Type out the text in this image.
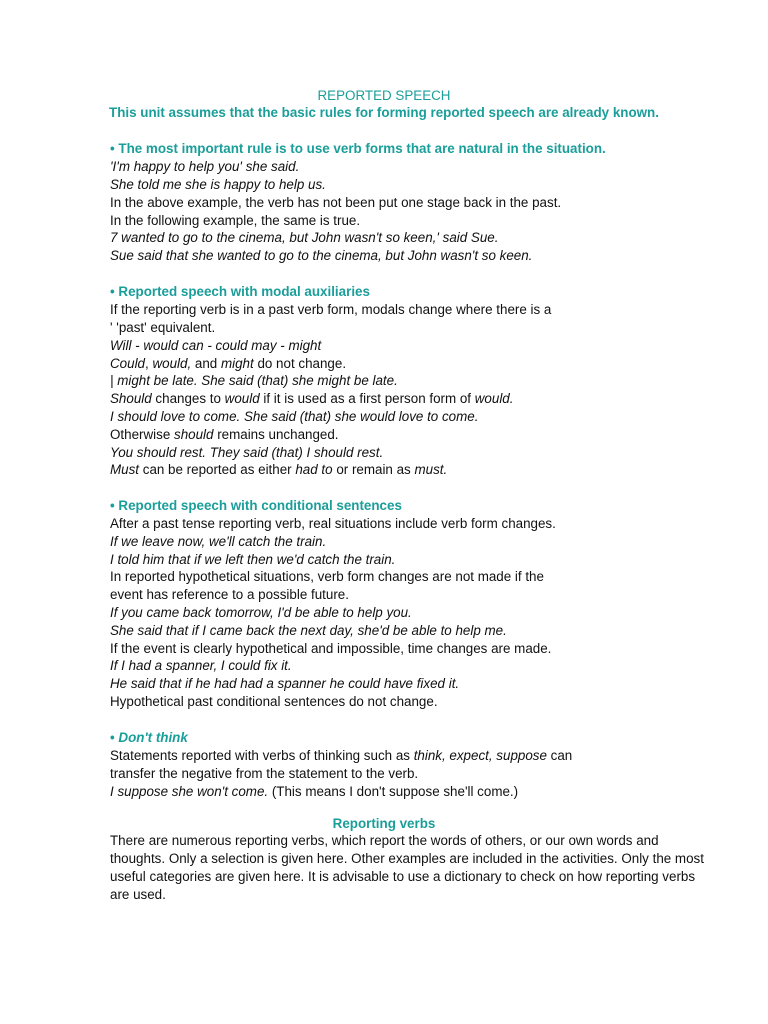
REPORTED SPEECH
This unit assumes that the basic rules for forming reported speech are already known.
• The most important rule is to use verb forms that are natural in the situation.
'I'm happy to help you' she said.
She told me she is happy to help us.
In the above example, the verb has not been put one stage back in the past.
In the following example, the same is true.
7 wanted to go to the cinema, but John wasn't so keen,' said Sue.
Sue said that she wanted to go to the cinema, but John wasn't so keen.
• Reported speech with modal auxiliaries
If the reporting verb is in a past verb form, modals change where there is a
' 'past' equivalent.
Will - would can - could may - might
Could, would, and might do not change.
| might be late. She said (that) she might be late.
Should changes to would if it is used as a first person form of would.
I should love to come. She said (that) she would love to come.
Otherwise should remains unchanged.
You should rest. They said (that) I should rest.
Must can be reported as either had to or remain as must.
• Reported speech with conditional sentences
After a past tense reporting verb, real situations include verb form changes.
If we leave now, we'll catch the train.
I told him that if we left then we'd catch the train.
In reported hypothetical situations, verb form changes are not made if the
event has reference to a possible future.
If you came back tomorrow, I'd be able to help you.
She said that if I came back the next day, she'd be able to help me.
If the event is clearly hypothetical and impossible, time changes are made.
If I had a spanner, I could fix it.
He said that if he had had a spanner he could have fixed it.
Hypothetical past conditional sentences do not change.
• Don't think
Statements reported with verbs of thinking such as think, expect, suppose can
transfer the negative from the statement to the verb.
I suppose she won't come. (This means I don't suppose she'll come.)
Reporting verbs
There are numerous reporting verbs, which report the words of others, or our own words and thoughts. Only a selection is given here. Other examples are included in the activities. Only the most useful categories are given here. It is advisable to use a dictionary to check on how reporting verbs are used.
